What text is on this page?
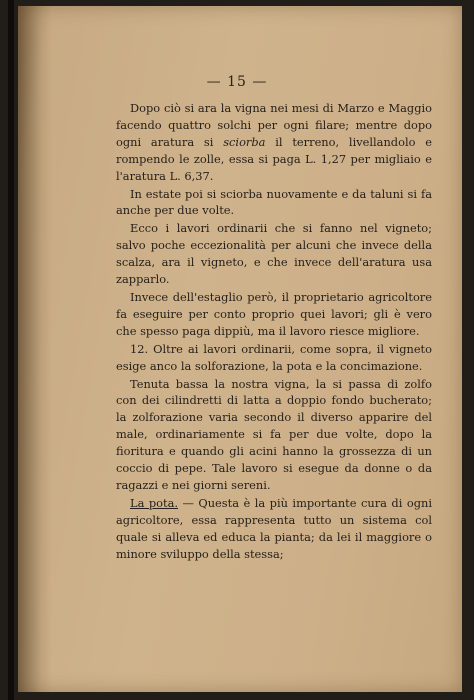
— 15 —

Dopo ciò si ara la vigna nei mesi di Marzo e Maggio facendo quattro solchi per ogni filare; mentre dopo ogni aratura si sciorba il terreno, livellandolo e rompendo le zolle, essa si paga L. 1,27 per migliaio e l'aratura L. 6,37.

In estate poi si sciorba nuovamente e da taluni si fa anche per due volte.

Ecco i lavori ordinarii che si fanno nel vigneto; salvo poche eccezionalità per alcuni che invece della scalza, ara il vigneto, e che invece dell'aratura usa zapparlo.

Invece dell'estaglio però, il proprietario agricoltore fa eseguire per conto proprio quei lavori; gli è vero che spesso paga dippiù, ma il lavoro riesce migliore.

12. Oltre ai lavori ordinarii, come sopra, il vigneto esige anco la solforazione, la pota e la concimazione.

Tenuta bassa la nostra vigna, la si passa di zolfo con dei cilindretti di latta a doppio fondo bucherato; la zolforazione varia secondo il diverso apparire del male, ordinariamente si fa per due volte, dopo la fioritura e quando gli acini hanno la grossezza di un coccio di pepe. Tale lavoro si esegue da donne o da ragazzi e nei giorni sereni.

La pota. — Questa è la più importante cura di ogni agricoltore, essa rappresenta tutto un sistema col quale si alleva ed educa la pianta; da lei il maggiore o minore sviluppo della stessa;
